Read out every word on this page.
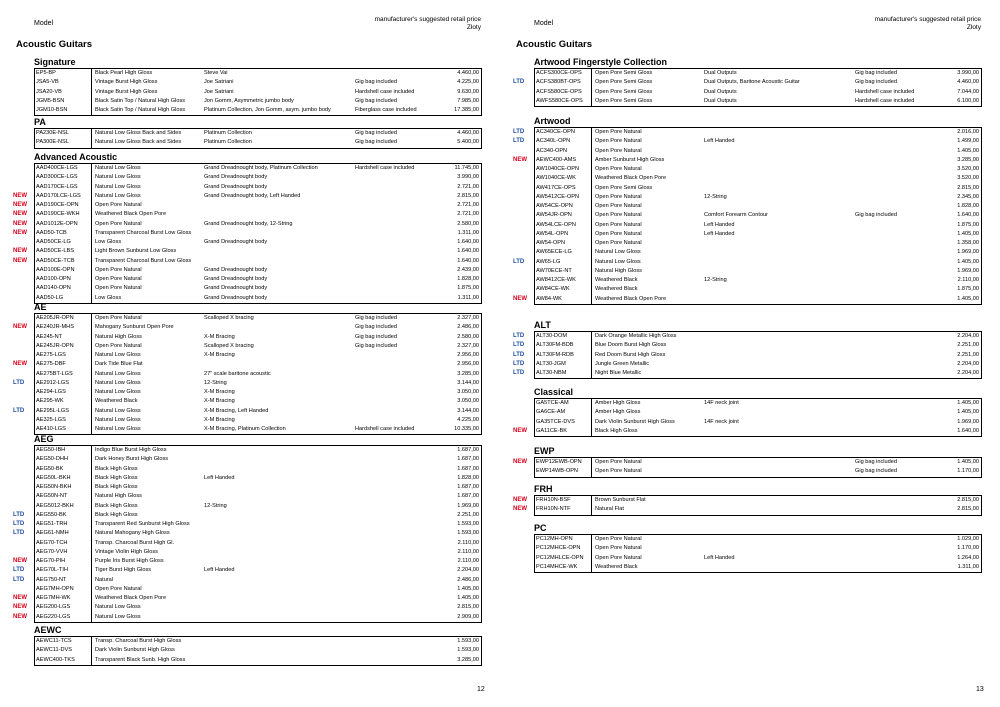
Model
manufacturer's suggested retail price
Złoty
Acoustic Guitars
Signature
EP5-BP	Black Pearl High Gloss	Steve Vai	4.460,00
JSA5-VB	Vintage Burst High Gloss	Joe Satriani	Gig bag included	4.225,00
JSA20-VB	Vintage Burst High Gloss	Joe Satriani	Hardshell case included	9.630,00
JGM5-BSN	Black Satin Top / Natural High Gloss	Jon Gomm, Asymmetric jumbo body	Gig bag included	7.985,00
JGM10-BSN	Black Satin Top / Natural High Gloss	Platinum Collection, Jon Gomm, asym. jumbo body	Fiberglass case included	17.385,00
PA
PA230E-NSL	Natural Low Gloss Back and Sides	Platinum Collection	Gig bag included	4.460,00
PA300E-NSL	Natural Low Gloss Back and Sides	Platinum Collection	Gig bag included	5.400,00
Advanced Acoustic
AAD400CE-LGS	Natural Low Gloss	Grand Dreadnought body, Platinum Collection	Hardshell case included	11.745,00
AAD300CE-LGS	Natural Low Gloss	Grand Dreadnought body	3.990,00
AAD170CE-LGS	Natural Low Gloss	Grand Dreadnought body	2.721,00
AAD170LCE-LGS	Natural Low Gloss	Grand Dreadnought body, Left Handed	2.815,00
NEW
AAD190CE-OPN	Open Pore Natural	2.721,00
NEW
AAD190CE-WKH	Weathered Black Open Pore	2.721,00
NEW
AAD1012E-OPN	Open Pore Natural	Grand Dreadnought body, 12-String	2.580,00
NEW
AAD50-TCB	Transparent Charcoal Burst Low Gloss	1.311,00
NEW
AAD50CE-LG	Low Gloss	Grand Dreadnought body	1.640,00
AAD50CE-LBS	Light Brown Sunburst Low Gloss	1.640,00
NEW
AAD50CE-TCB	Transparent Charcoal Burst Low Gloss	1.640,00
NEW
AAD100E-OPN	Open Pore Natural	Grand Dreadnought body	2.439,00
AAD100-OPN	Open Pore Natural	Grand Dreadnought body	1.828,00
AAD140-OPN	Open Pore Natural	Grand Dreadnought body	1.875,00
AAD50-LG	Low Gloss	Grand Dreadnought body	1.311,00
AE
AE205JR-OPN	Open Pore Natural	Scalloped X bracing	Gig bag included	2.327,00
AE240JR-MHS	Mahogany Sunburst Open Pore	Gig bag included	2.486,00
NEW
AE245-NT	Natural High Gloss	X-M Bracing	Gig bag included	2.580,00
AE245JR-OPN	Open Pore Natural	Scalloped X bracing	Gig bag included	2.327,00
AE275-LGS	Natural Low Gloss	X-M Bracing	2.956,00
AE275-DBF	Dark Tide Blue Flat	2.956,00
NEW
AE275BT-LGS	Natural Low Gloss	27" scale baritone acoustic	3.285,00
AE2912-LGS	Natural Low Gloss	12-String	3.144,00
LTD
AE294-LGS	Natural Low Gloss	X-M Bracing	3.050,00
AE295-WK	Weathered Black	X-M Bracing	3.050,00
AE295L-LGS	Natural Low Gloss	X-M Bracing, Left Handed	3.144,00
LTD
AE325-LGS	Natural Low Gloss	X-M Bracing	4.225,00
AE410-LGS	Natural Low Gloss	X-M Bracing, Platinum Collection	Hardshell case included	10.335,00
AEG
AEG50-IBH	Indigo Blue Burst High Gloss	1.687,00
AEG50-DHH	Dark Honey Burst High Gloss	1.687,00
AEG50-BK	Black High Gloss	1.687,00
AEG50L-BKH	Black High Gloss	Left Handed	1.828,00
AEG50N-BKH	Black High Gloss	1.687,00
AEG50N-NT	Natural High Gloss	1.687,00
AEG5012-BKH	Black High Gloss	12-String	1.969,00
AEG550-BK	Black High Gloss	2.251,00
LTD
AEG51-TRH	Transparent Red Sunburst High Gloss	1.593,00
LTD
AEG61-NMH	Natural Mahogany High Gloss	1.593,00
LTD
AEG70-TCH	Transp. Charcoal Burst High Gl.	2.110,00
AEG70-VVH	Vintage Violin High Gloss	2.110,00
AEG70-PIH	Purple Iris Burst High Gloss	2.110,00
NEW
AEG70L-TIH	Tiger Burst High Gloss	Left Handed	2.204,00
LTD
AEG750-NT	Natural	2.486,00
LTD
AEG7MH-OPN	Open Pore Natural	1.405,00
AEG7MH-WK	Weathered Black Open Pore	1.405,00
NEW
AEG200-LGS	Natural Low Gloss	2.815,00
NEW
AEG220-LGS	Natural Low Gloss	2.909,00
NEW
AEWC
AEWC11-TCS	Transp. Charcoal Burst High Gloss	1.593,00
AEWC11-DVS	Dark Violin Sunburst High Gloss	1.593,00
AEWC400-TKS	Transparent Black Sunb. High Gloss	3.285,00
12
Model
manufacturer's suggested retail price
Złoty
Acoustic Guitars
Artwood Fingerstyle Collection
ACFS300CE-OPS	Open Pore Semi Gloss	Dual Outputs	Gig bag included	3.990,00
ACFS380BT-OPS	Open Pore Semi Gloss	Dual Outputs, Baritone Acoustic Guitar	Gig bag included	4.460,00
LTD
ACFS580CE-OPS	Open Pore Semi Gloss	Dual Outputs	Hardshell case included	7.044,00
AWFS580CE-OPS	Open Pore Semi Gloss	Dual Outputs	Hardshell case included	6.100,00
Artwood
AC340CE-OPN	Open Pore Natural	2.016,00
LTD
AC340L-OPN	Open Pore Natural	Left Handed	1.499,00
LTD
AC340-OPN	Open Pore Natural	1.405,00
AEWC400-AMS	Amber Sunburst High Gloss	3.285,00
NEW
AW1040CE-OPN	Open Pore Natural	3.520,00
AW1040CE-WK	Weathered Black Open Pore	3.520,00
AW417CE-OPS	Open Pore Semi Gloss	2.815,00
AW5412CE-OPN	Open Pore Natural	12-String	2.345,00
AW54CE-OPN	Open Pore Natural	1.828,00
AW54JR-OPN	Open Pore Natural	Comfort Forearm Contour	Gig bag included	1.640,00
AW54LCE-OPN	Open Pore Natural	Left Handed	1.875,00
AW54L-OPN	Open Pore Natural	Left Handed	1.405,00
AW54-OPN	Open Pore Natural	1.358,00
AW65ECE-LG	Natural Low Gloss	1.969,00
AW65-LG	Natural Low Gloss	1.405,00
LTD
AW70ECE-NT	Natural High Gloss	1.969,00
AW8412CE-WK	Weathered Black	12-String	2.110,00
AW84CE-WK	Weathered Black	1.875,00
AW84-WK	Weathered Black Open Pore	1.405,00
NEW
ALT
ALT30-DOM	Dark Orange Metallic High Gloss	2.204,00
LTD
ALT30FM-BDB	Blue Doom Burst High Gloss	2.251,00
LTD
ALT30FM-RDB	Red Doom Burst High Gloss	2.251,00
LTD
ALT30-JGM	Jungle Green Metallic	2.204,00
LTD
ALT30-NBM	Night Blue Metallic	2.204,00
LTD
Classical
GA5TCE-AM	Amber High Gloss	14F neck joint	1.405,00
GA6CE-AM	Amber High Gloss	1.405,00
GA35TCE-DVS	Dark Violin Sunburst High Gloss	14F neck joint	1.969,00
GA11CE-BK	Black High Gloss	1.640,00
NEW
EWP
EWP12EWB-OPN	Open Pore Natural	Gig bag included	1.405,00
NEW
EWP14WB-OPN	Open Pore Natural	Gig bag included	1.170,00
FRH
FRH10N-BSF	Brown Sunburst Flat	2.815,00
NEW
FRH10N-NTF	Natural Flat	2.815,00
NEW
PC
PC12MH-OPN	Open Pore Natural	1.029,00
PC12MHCE-OPN	Open Pore Natural	1.170,00
PC12MHLCE-OPN	Open Pore Natural	Left Handed	1.264,00
PC14MHCE-WK	Weathered Black	1.311,00
13
